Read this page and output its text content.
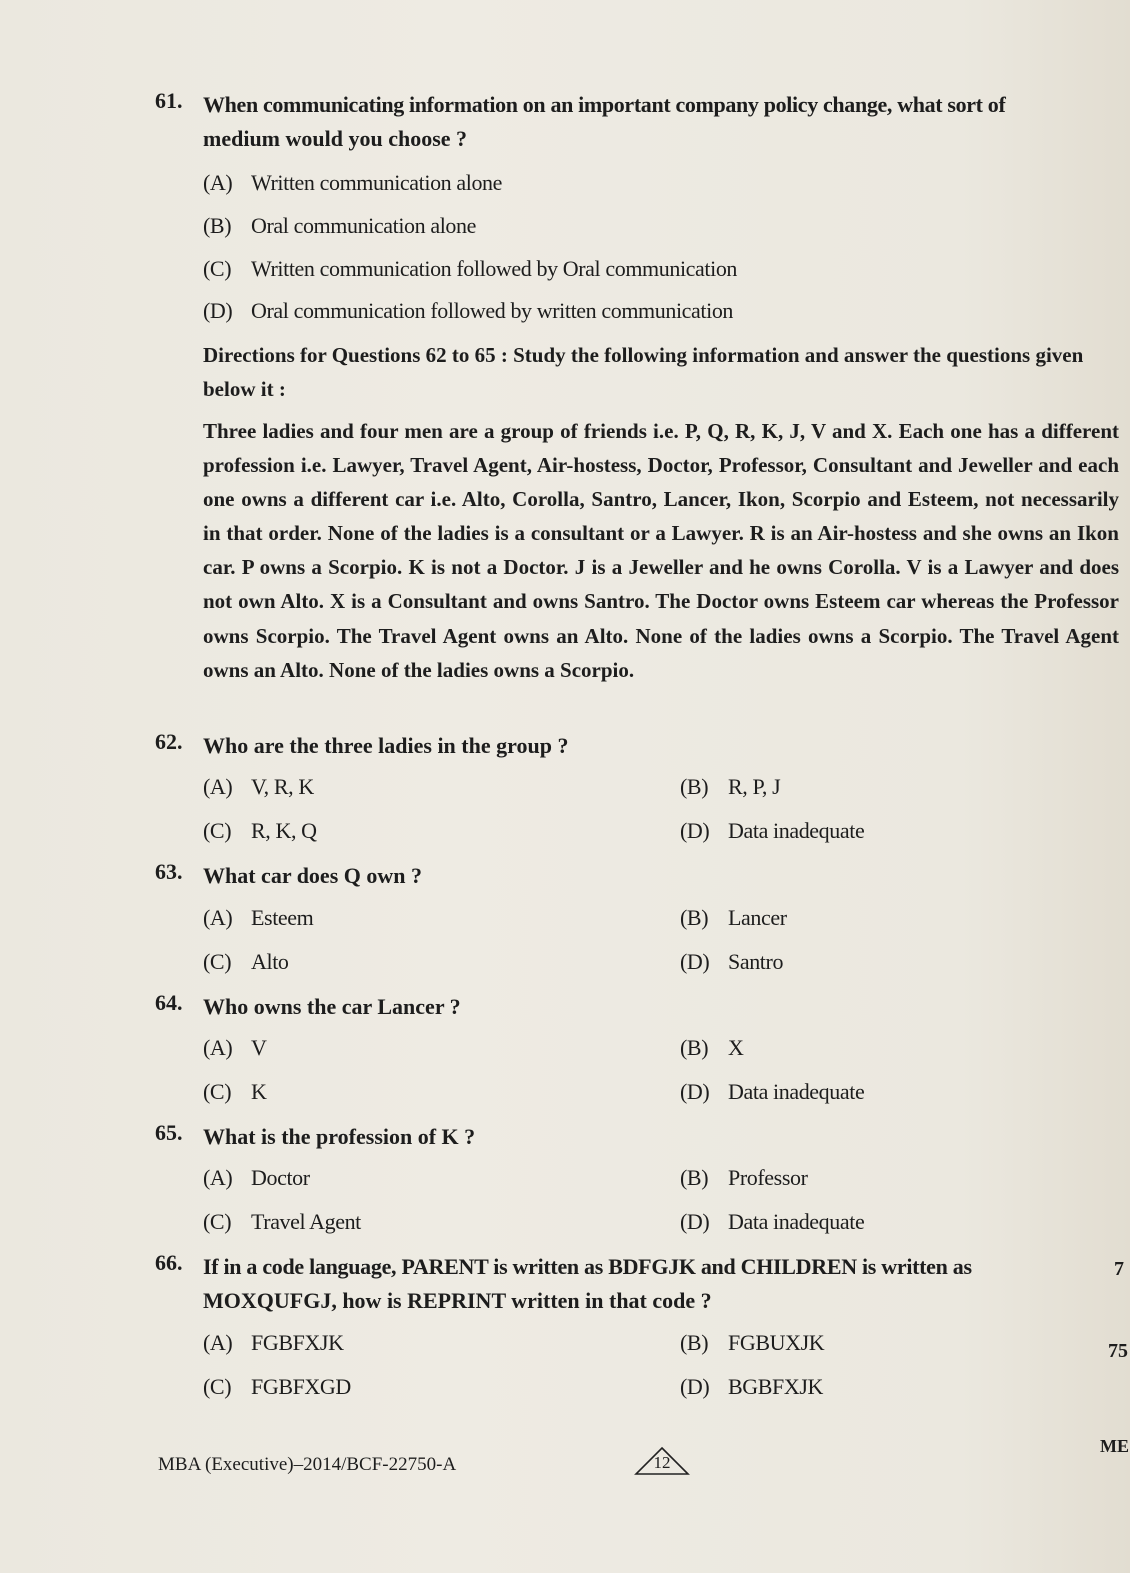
61. When communicating information on an important company policy change, what sort of
medium would you choose ?
(A) Written communication alone
(B) Oral communication alone
(C) Written communication followed by Oral communication
(D) Oral communication followed by written communication
Directions for Questions 62 to 65 : Study the following information and answer the questions given below it :
Three ladies and four men are a group of friends i.e. P, Q, R, K, J, V and X. Each one has a different profession i.e. Lawyer, Travel Agent, Air-hostess, Doctor, Professor, Consultant and Jeweller and each one owns a different car i.e. Alto, Corolla, Santro, Lancer, Ikon, Scorpio and Esteem, not necessarily in that order. None of the ladies is a consultant or a Lawyer. R is an Air-hostess and she owns an Ikon car. P owns a Scorpio. K is not a Doctor. J is a Jeweller and he owns Corolla. V is a Lawyer and does not own Alto. X is a Consultant and owns Santro. The Doctor owns Esteem car whereas the Professor owns Scorpio. The Travel Agent owns an Alto. None of the ladies owns a Scorpio. The Travel Agent owns an Alto. None of the ladies owns a Scorpio.
62. Who are the three ladies in the group ?
(A) V, R, K	(B) R, P, J
(C) R, K, Q	(D) Data inadequate
63. What car does Q own ?
(A) Esteem	(B) Lancer
(C) Alto	(D) Santro
64. Who owns the car Lancer ?
(A) V	(B) X
(C) K	(D) Data inadequate
65. What is the profession of K ?
(A) Doctor	(B) Professor
(C) Travel Agent	(D) Data inadequate
66. If in a code language, PARENT is written as BDFGJK and CHILDREN is written as
MOXQUFGJ, how is REPRINT written in that code ?
(A) FGBFXJK	(B) FGBUXJK
(C) FGBFXGD	(D) BGBFXJK
MBA (Executive)–2014/BCF-22750-A	12
7
75
ME
